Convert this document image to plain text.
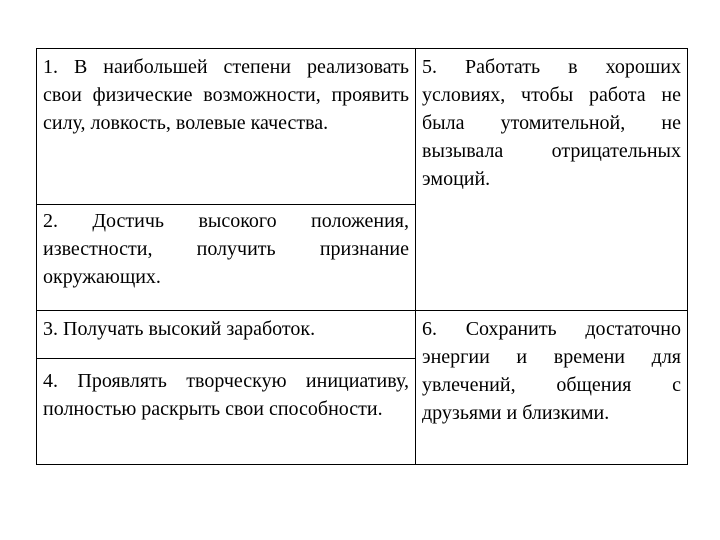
1. В наибольшей степени реализовать свои физические возможности, проявить силу, ловкость, волевые качества.
2. Достичь высокого положения, известности, получить признание окружающих.
3. Получать высокий заработок.
4. Проявлять творческую инициативу, полностью раскрыть свои способности.
5. Работать в хороших условиях, чтобы работа не была утомительной, не вызывала отрицательных эмоций.
6. Сохранить достаточно энергии и времени для увлечений, общения с друзьями и близкими.
